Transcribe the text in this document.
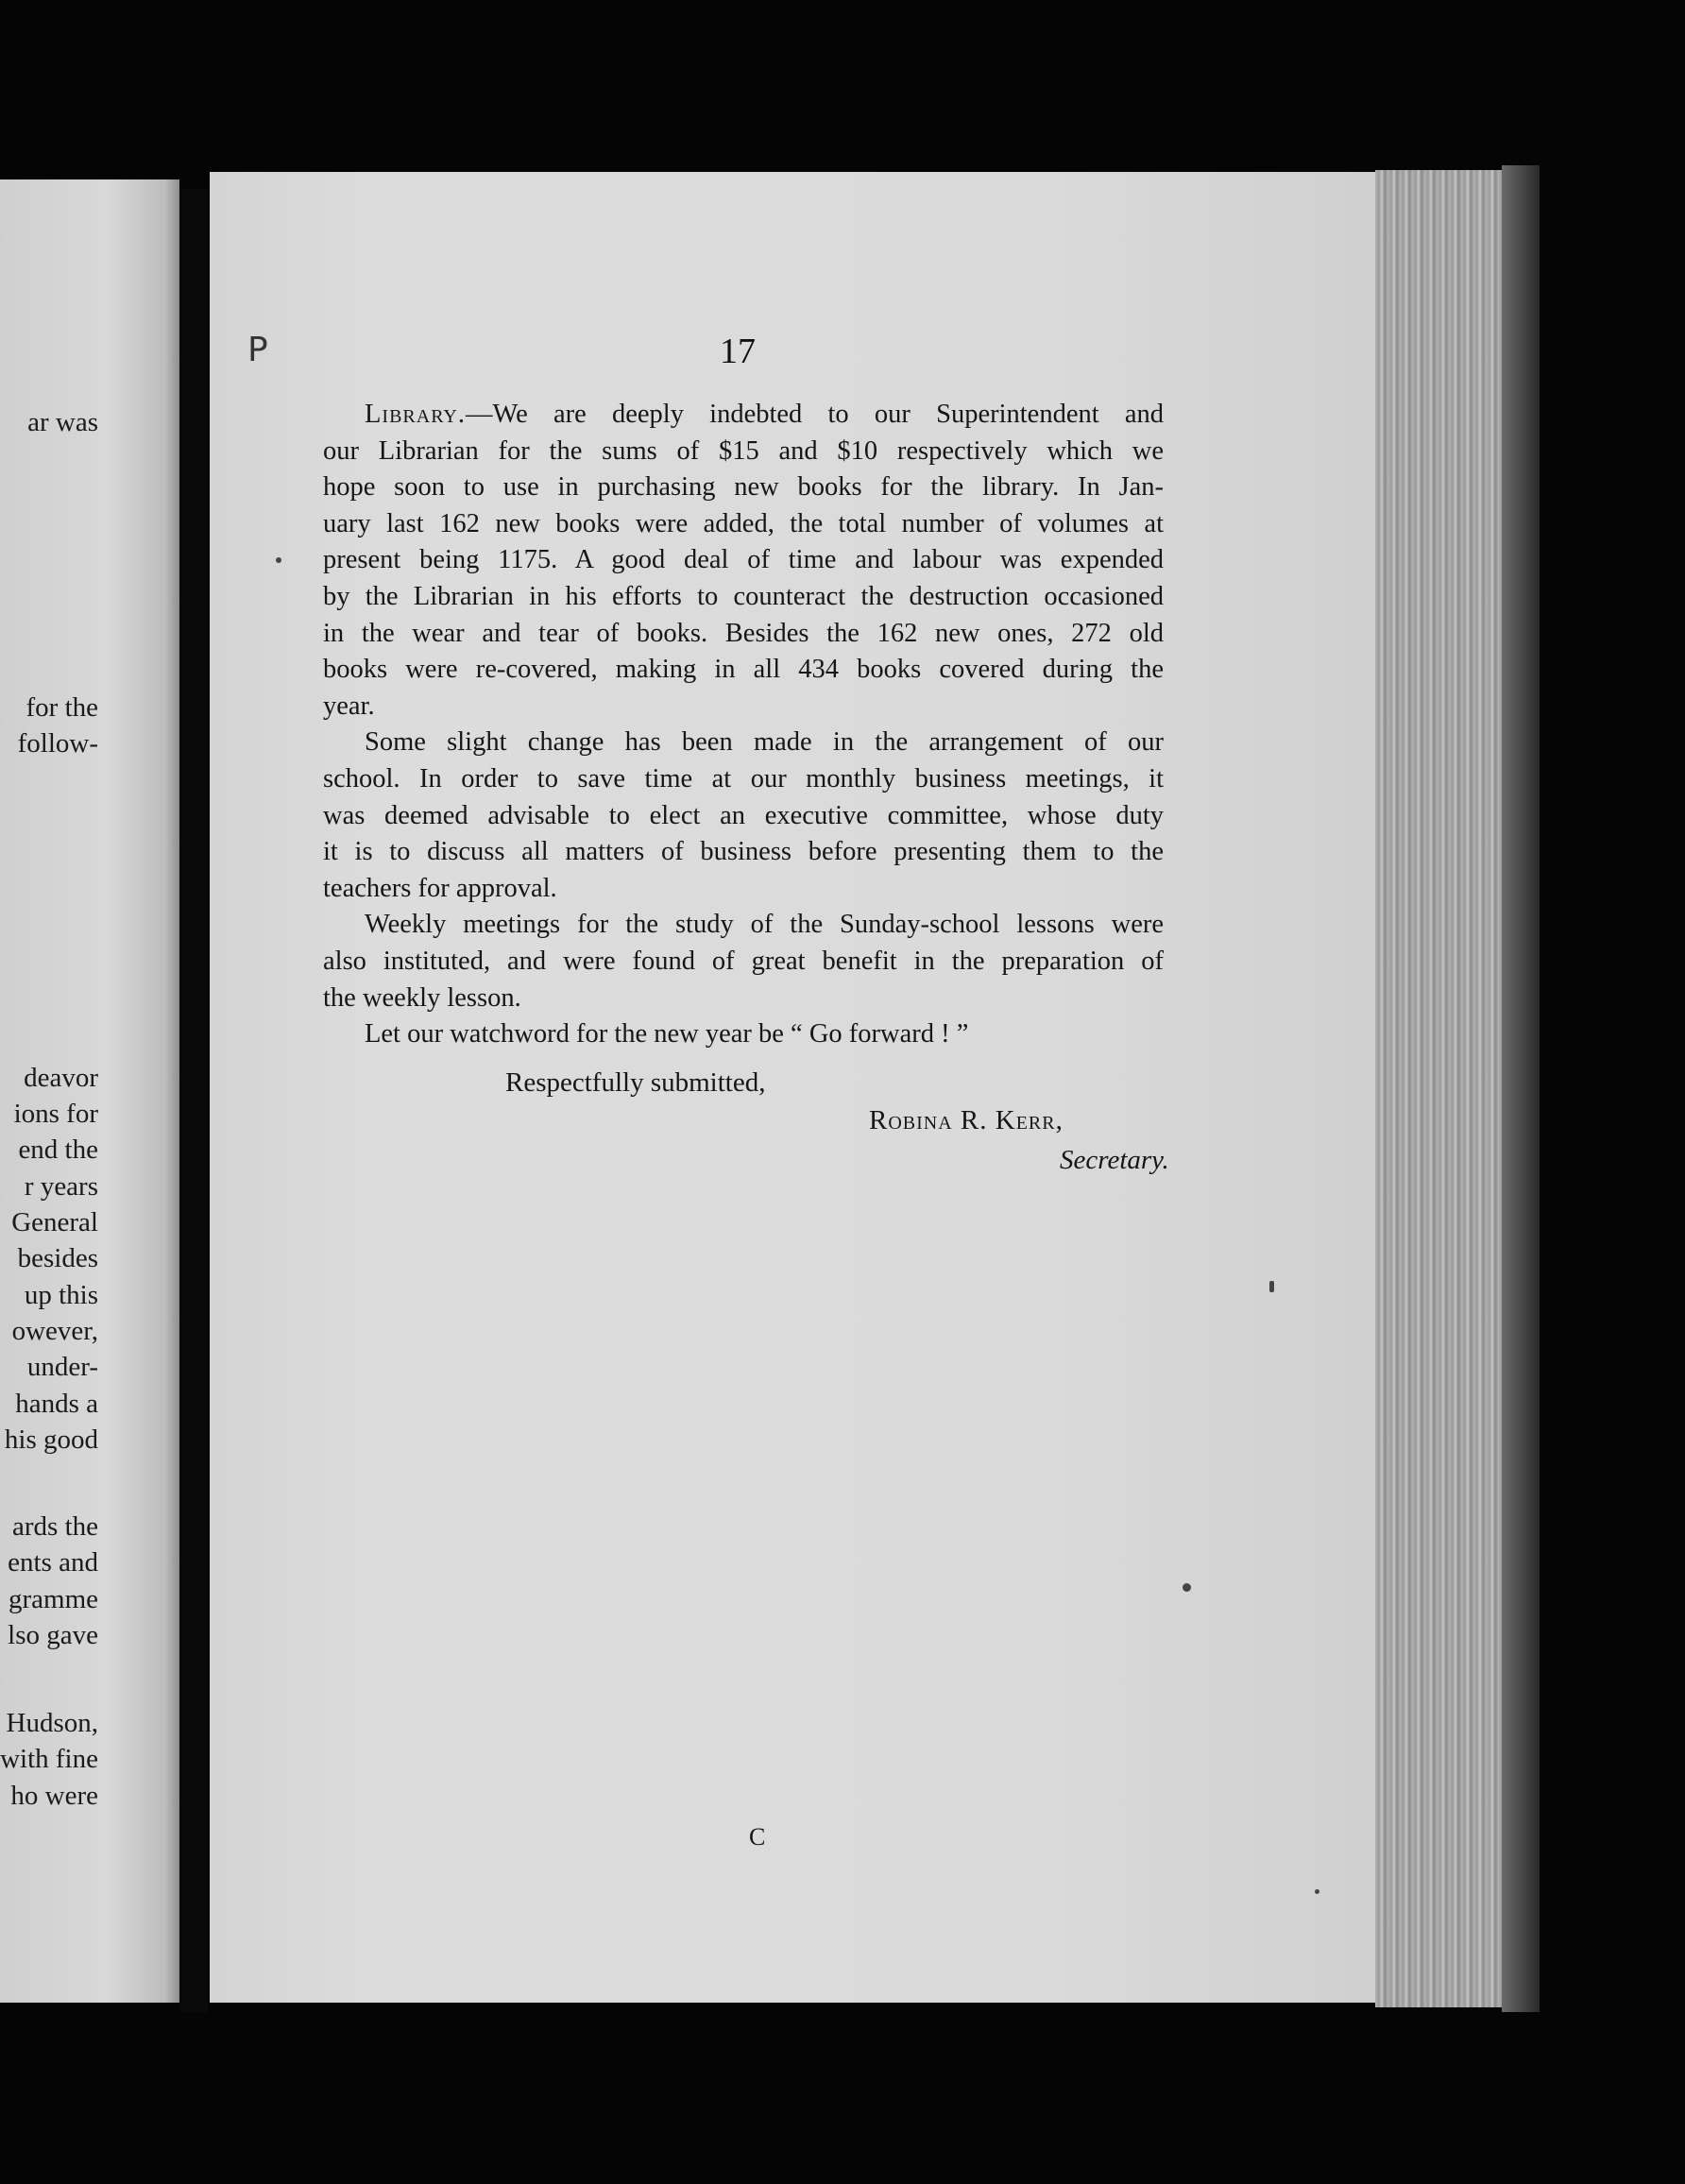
ar was
for the
follow-
deavor
ions for
end the
r years
General
besides
up this
owever,
under-
hands a
his good
ards the
ents and
gramme
lso gave
Hudson,
with fine
ho were
P	17
Library.—We are deeply indebted to our Superintendent and
our Librarian for the sums of $15 and $10 respectively which we
hope soon to use in purchasing new books for the library. In Jan-
uary last 162 new books were added, the total number of volumes at
present being 1175. A good deal of time and labour was expended
by the Librarian in his efforts to counteract the destruction occasioned
in the wear and tear of books. Besides the 162 new ones, 272 old
books were re-covered, making in all 434 books covered during the
year.
Some slight change has been made in the arrangement of our
school. In order to save time at our monthly business meetings, it
was deemed advisable to elect an executive committee, whose duty
it is to discuss all matters of business before presenting them to the
teachers for approval.
Weekly meetings for the study of the Sunday-school lessons were
also instituted, and were found of great benefit in the preparation of
the weekly lesson.
Let our watchword for the new year be “ Go forward ! ”
Respectfully submitted,
Robina R. Kerr,
Secretary.
C
